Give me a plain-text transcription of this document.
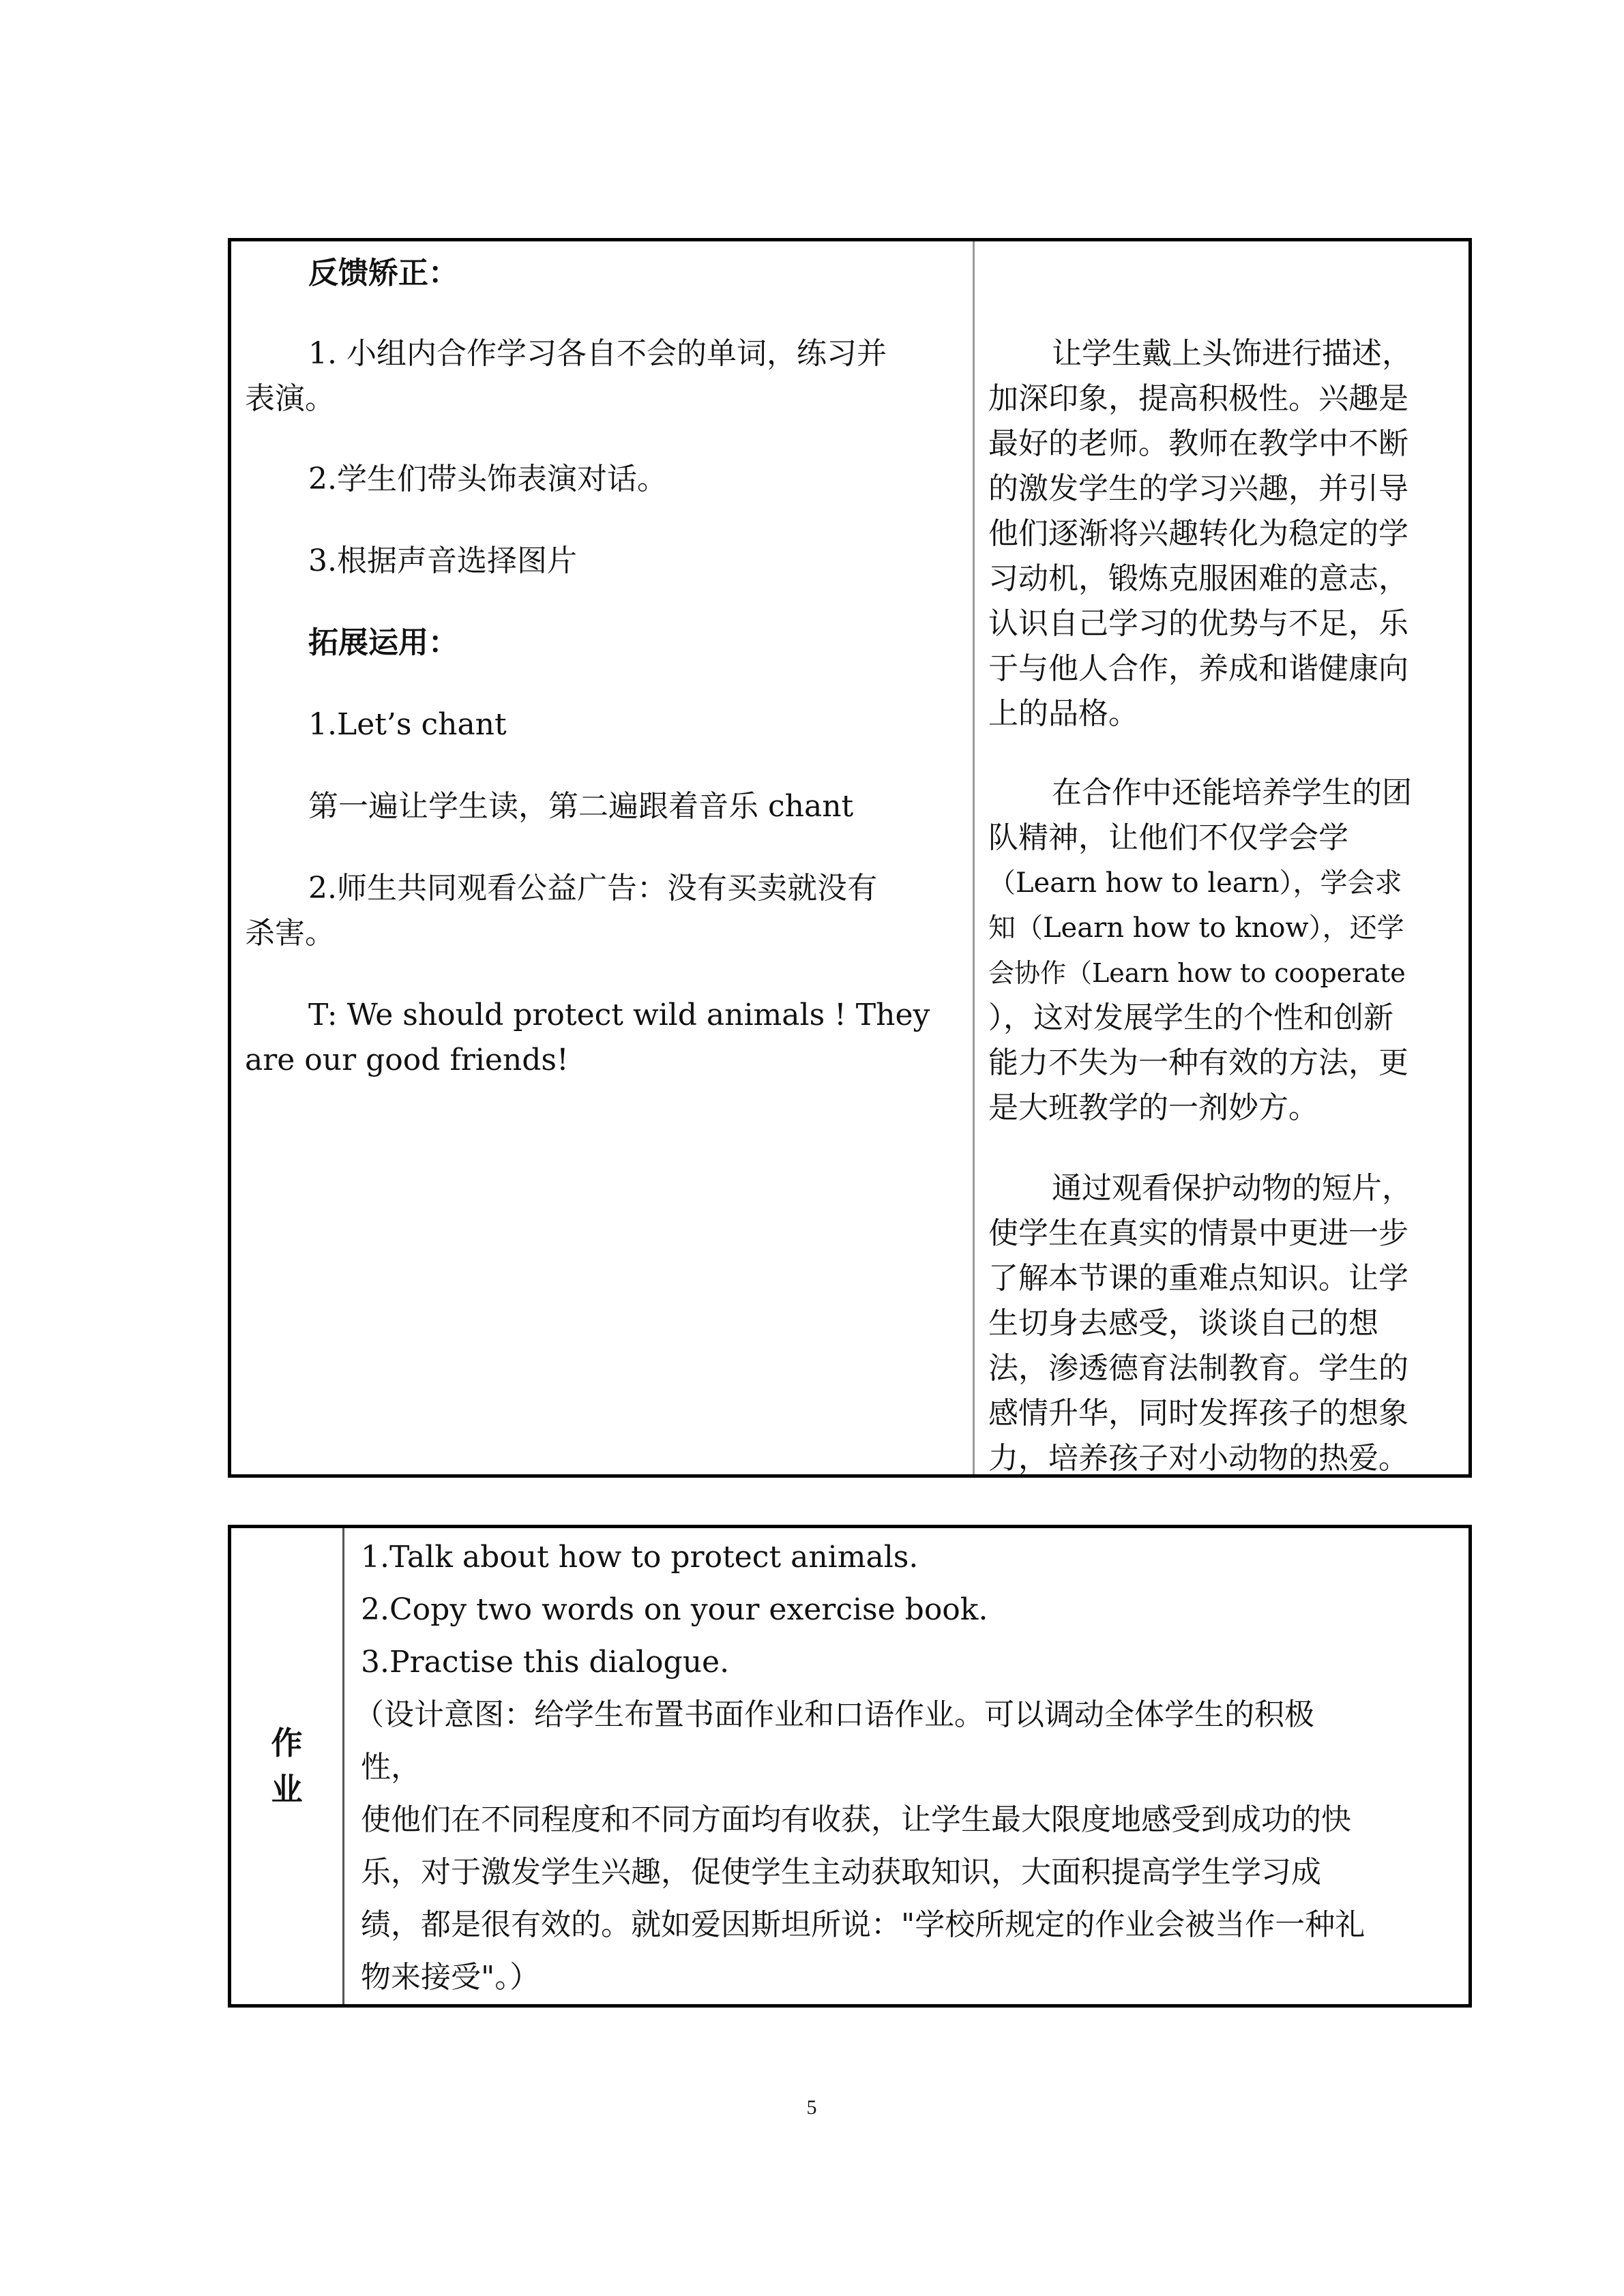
反馈矫正：

1. 小组内合作学习各自不会的单词，练习并

表演。

2.学生们带头饰表演对话。

3.根据声音选择图片

拓展运用：

1.Let’s chant

第一遍让学生读，第二遍跟着音乐 chant

2.师生共同观看公益广告：没有买卖就没有

杀害。

T: We should protect wild animals ! They

are our good friends!

让学生戴上头饰进行描述，

加深印象，提高积极性。兴趣是

最好的老师。教师在教学中不断

的激发学生的学习兴趣，并引导

他们逐渐将兴趣转化为稳定的学

习动机，锻炼克服困难的意志，

认识自己学习的优势与不足，乐

于与他人合作，养成和谐健康向

上的品格。

在合作中还能培养学生的团

队精神，让他们不仅学会学

（Learn how to learn），学会求

知（Learn how to know），还学

会协作（Learn how to cooperate

），这对发展学生的个性和创新

能力不失为一种有效的方法，更

是大班教学的一剂妙方。

通过观看保护动物的短片，

使学生在真实的情景中更进一步

了解本节课的重难点知识。让学

生切身去感受，谈谈自己的想

法，渗透德育法制教育。学生的

感情升华，同时发挥孩子的想象

力，培养孩子对小动物的热爱。

作业

1.Talk about how to protect animals.

2.Copy two words on your exercise book.

3.Practise this dialogue.

（设计意图：给学生布置书面作业和口语作业。可以调动全体学生的积极

性，

使他们在不同程度和不同方面均有收获，让学生最大限度地感受到成功的快

乐，对于激发学生兴趣，促使学生主动获取知识，大面积提高学生学习成

绩，都是很有效的。就如爱因斯坦所说："学校所规定的作业会被当作一种礼

物来接受"。）

5
